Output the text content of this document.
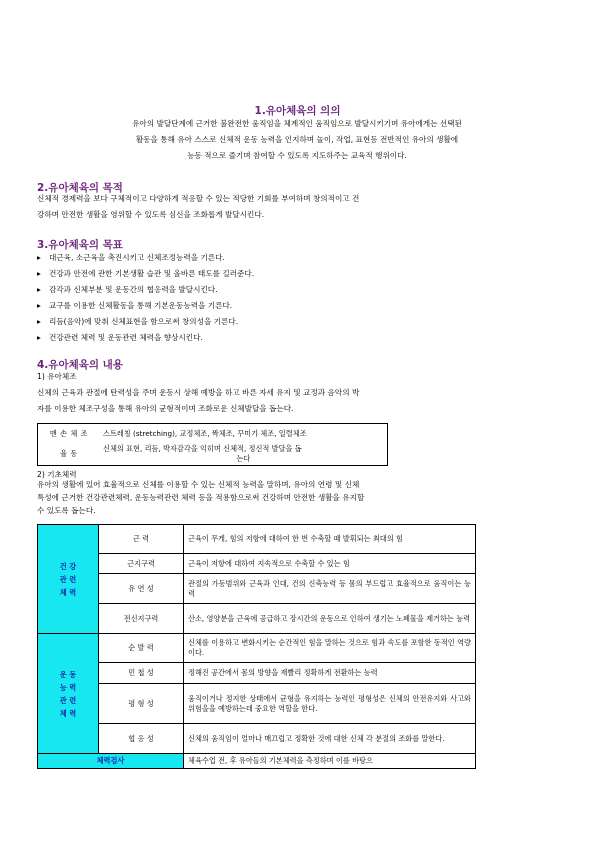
1.유아체육의 의의
유아의 발달단계에 근거한 불완전한 움직임을 체계적인 움직임으로 발달시키기며 유아에게는 선택된
활동을 통해 유아 스스로 신체적 운동 능력을 인지하며 놀이, 작업, 표현등 전반적인 유아의 생활에
능동 적으로 즐기며 참여할 수 있도록 지도하주는 교육적 행위이다.
2.유아체육의 목적
신체적 경제력을 보다 구체적이고 다양하게 적응할 수 있는 적당한 기회를 부여하며 창의적이고 건
강하며 안전한 생활을 영위할 수 있도록 심신을 조화롭게 발달시킨다.
3.유아체육의 목표
▸ 대근육, 소근육을 촉진시키고 신체조정능력을 기른다.
▸ 건강과 안전에 관한 기본생활 습관 및 올바른 태도를 길러준다.
▸ 감각과 신체부분 및 운동간의 협응력을 발달시킨다.
▸ 교구를 이용한 신체활동을 통해 기본운동능력을 기른다.
▸ 리듬(음악)에 맞춰 신체표현을 함으로써 창의성을 기른다.
▸ 건강관련 체력 및 운동관련 체력을 향상시킨다.
4.유아체육의 내용
1) 유아체조
신체의 근육과 관절에 탄력성을 주며 운동시 상해 예방을 하고 바른 자세 유지 및 교정과 음악의 박
자를 이용한 체조구성을 통해 유아의 균형적이며 조화로운 신체발달을 돕는다.
맨 손 체 조	스트레칭 (stretching), 교정체조, 짝체조, 꾸미기 체조, 일렬체조
율 동	신체의 표현, 리듬, 박자감각을 익히며 신체적, 정신적 발달을 돕
는다
2) 기초체력
유아의 생활에 있어 효율적으로 신체를 이용할 수 있는 신체적 능력을 말하며, 유아의 연령 및 신체
특성에 근거한 건강관련체력, 운동능력관련 체력 등을 적용함으로써 건강하며 안전한 생활을 유지할
수 있도록 돕는다.
건 강
관 련
체 력	근 력	근육이 무게, 힘의 저항에 대하여 한 번 수축할 때 발휘되는 최대의 힘
	근지구력	근육이 저항에 대하여 지속적으로 수축할 수 있는 힘
	유 연 성	관절의 가동범위와 근육과 인대, 건의 신축능력 등 몸의 부드럽고 효율적으로 움직이는 능력
	전신지구력	산소, 영양분을 근육에 공급하고 장시간의 운동으로 인하여 생기는 노폐물을 제거하는 능력

운 동
능 력
관 련
체 력	순 발 력	신체를 이용하고 변화시키는 순간적인 힘을 말하는 것으로 힘과 속도를 포함한 동적인 역량이다.
	민 첩 성	정해진 공간에서 몸의 방향을 재빨리 정확하게 전환하는 능력
	평 형 성	움직이거나 정지한 상태에서 균형을 유지하는 능력인 평형성은 신체의 안전유지와 사고와 위험을을 예방하는데 중요한 역할을 한다.
	협 응 성	신체의 움직임이 얼마나 매끄럽고 정확한 것에 대한 신체 각 분절의 조화를 말한다.
체력검사		체육수업 전, 후 유아들의 기본체력을 측정하며 이를 바탕으
